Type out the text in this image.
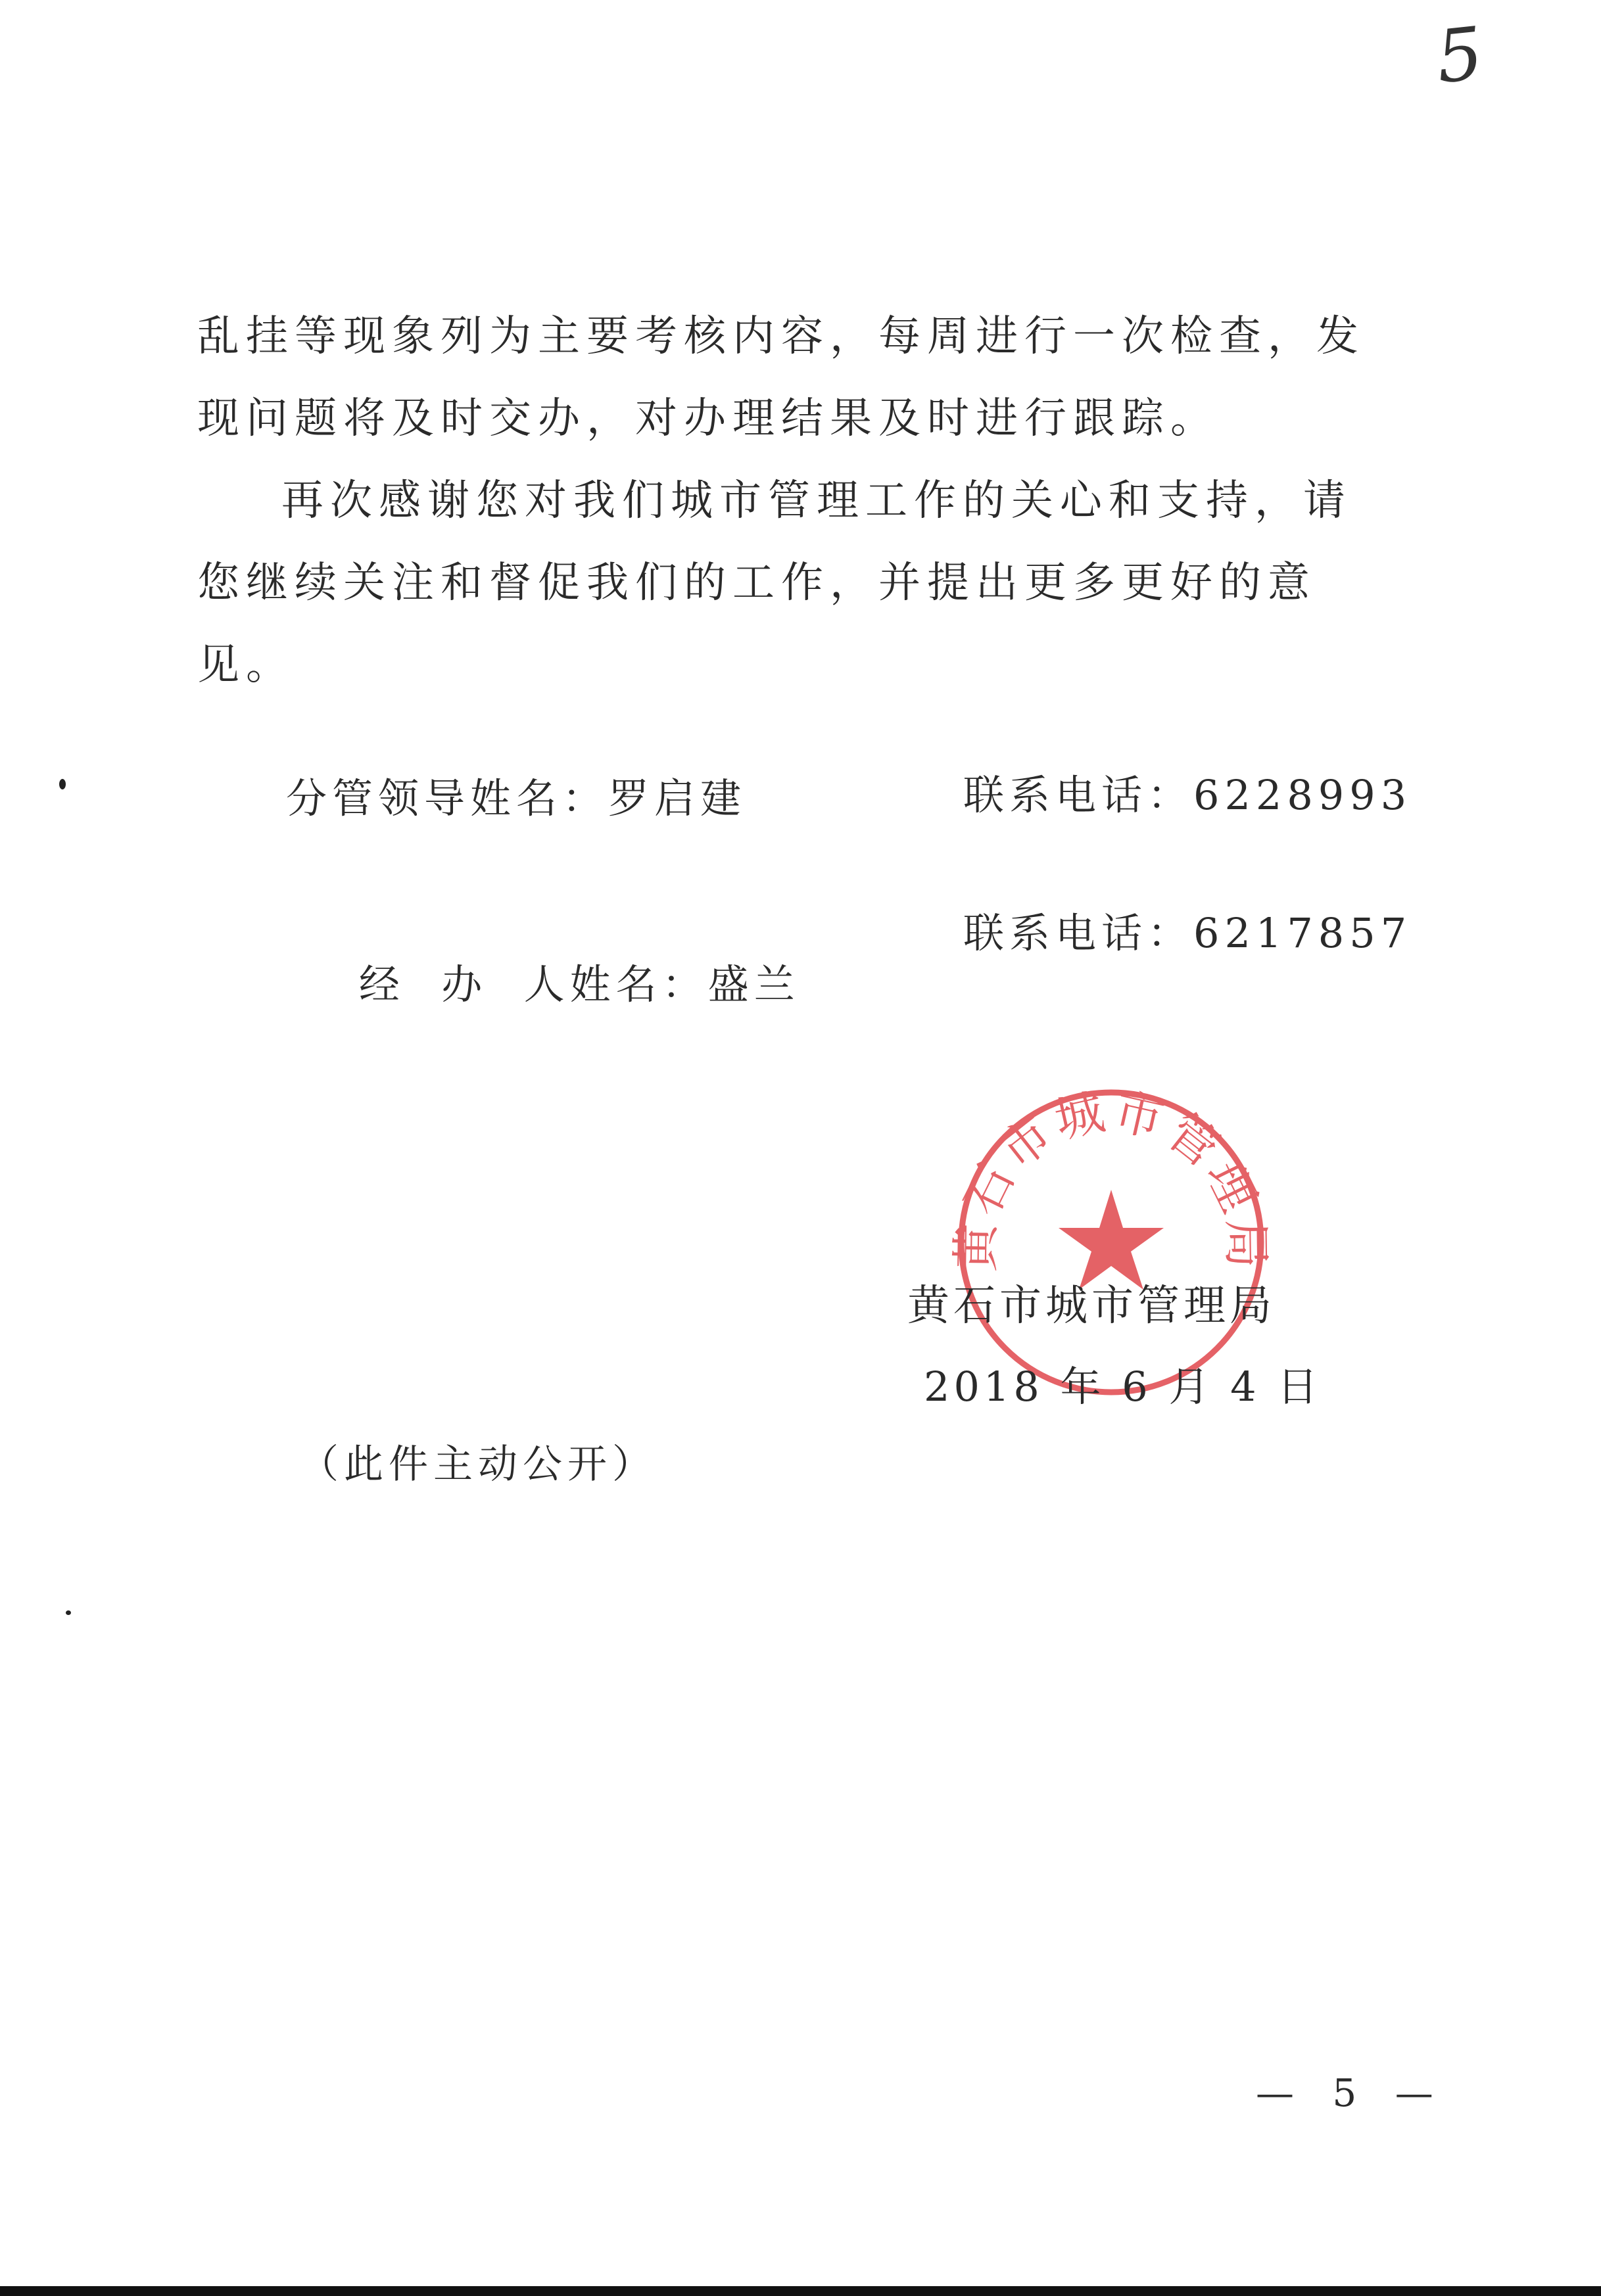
5

乱挂等现象列为主要考核内容，每周进行一次检查，发现问题将及时交办，对办理结果及时进行跟踪。

再次感谢您对我们城市管理工作的关心和支持，请您继续关注和督促我们的工作，并提出更多更好的意见。

分管领导姓名：罗启建	联系电话：6228993

经  办  人姓名：盛兰

联系电话：6217857
黄石市城市管理局
黄石市城市管理局
2018 年 6 月 4 日
（此件主动公开）
— 5 —
